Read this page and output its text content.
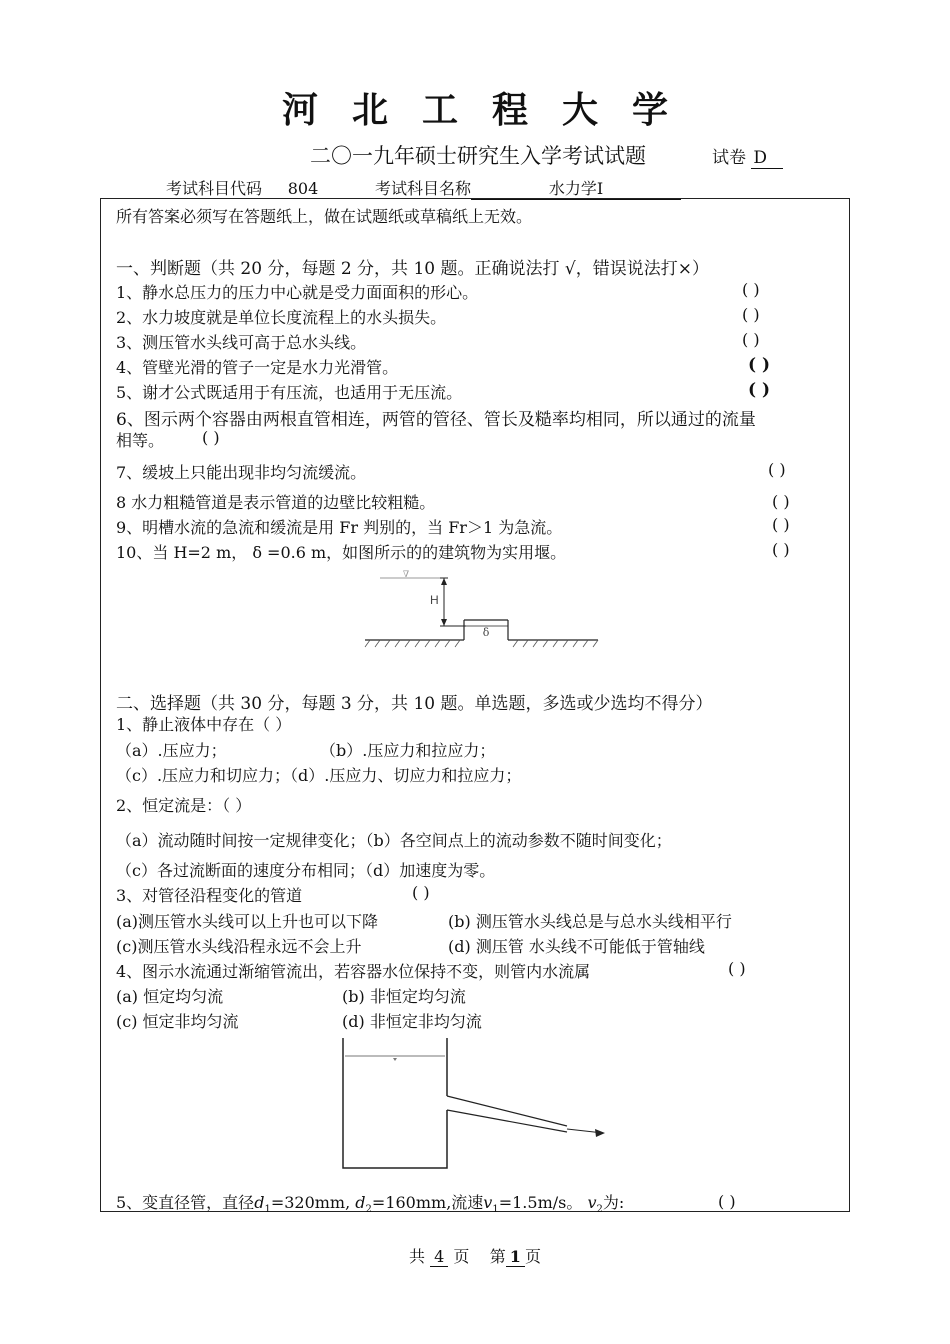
河北工程大学
二〇一九年硕士研究生入学考试试题	试卷 D
考试科目代码 804	考试科目名称	水力学Ⅰ
所有答案必须写在答题纸上，做在试题纸或草稿纸上无效。
一、判断题（共 20 分，每题 2 分，共 10 题。正确说法打 √，错误说法打×）
1、静水总压力的压力中心就是受力面面积的形心。	( )
2、水力坡度就是单位长度流程上的水头损失。	( )
3、测压管水头线可高于总水头线。	( )
4、管壁光滑的管子一定是水力光滑管。	( )
5、谢才公式既适用于有压流，也适用于无压流。	( )
6、图示两个容器由两根直管相连，两管的管径、管长及糙率均相同，所以通过的流量
相等。 ( )
7、缓坡上只能出现非均匀流缓流。	( )
8 水力粗糙管道是表示管道的边壁比较粗糙。	( )
9、明槽水流的急流和缓流是用 Fr 判别的，当 Fr＞1 为急流。	( )
10、当 H=2 m， δ =0.6 m，如图所示的的建筑物为实用堰。	( )
∇
H
δ
二、选择题（共 30 分，每题 3 分，共 10 题。单选题，多选或少选均不得分）
1、静止液体中存在（ ）
（a）.压应力；	（b）.压应力和拉应力；
（c）.压应力和切应力；（d）.压应力、切应力和拉应力；
2、恒定流是：（ ）
（a）流动随时间按一定规律变化；（b）各空间点上的流动参数不随时间变化；
（c）各过流断面的速度分布相同；（d）加速度为零。
3、对管径沿程变化的管道	( )
(a)测压管水头线可以上升也可以下降	(b) 测压管水头线总是与总水头线相平行
(c)测压管水头线沿程永远不会上升	(d) 测压管 水头线不可能低于管轴线
4、图示水流通过渐缩管流出，若容器水位保持不变，则管内水流属	( )
(a) 恒定均匀流	(b) 非恒定均匀流
(c) 恒定非均匀流	(d) 非恒定非均匀流
5、变直径管，直径$d_1=320mm$, $d_2=160mm$,流速$v_1=1.5m/s$。 $v_2$为:	( )
共 4 页 第 1 页
